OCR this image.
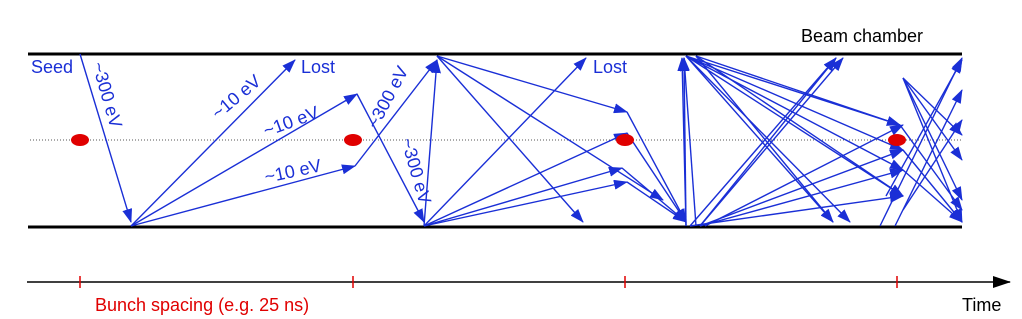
Beam chamber
Seed	Lost	Lost
~300 eV	~10 eV
~10 eV
~10 eV
~300 eV
~300 eV
Bunch spacing (e.g. 25 ns)	Time
